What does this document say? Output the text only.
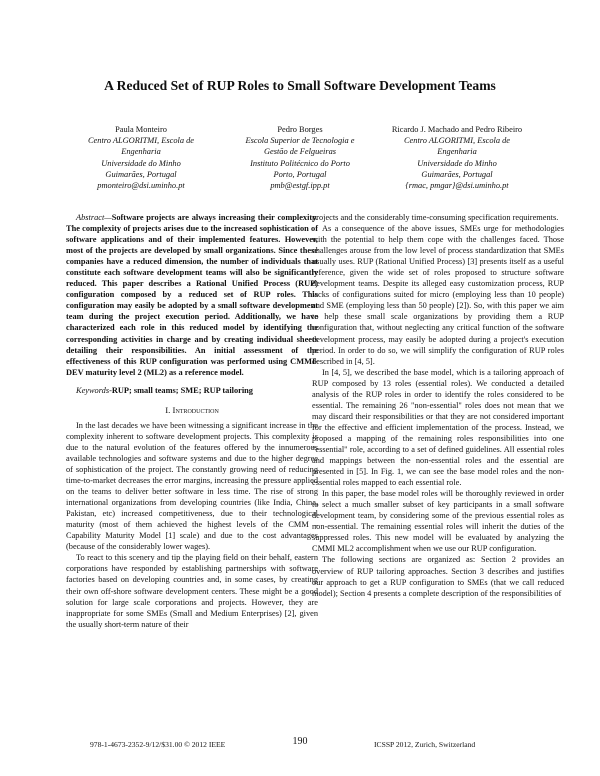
A Reduced Set of RUP Roles to Small Software Development Teams
Paula Monteiro
Centro ALGORITMI, Escola de
Engenharia
Universidade do Minho
Guimarães, Portugal
pmonteiro@dsi.uminho.pt
Pedro Borges
Escola Superior de Tecnologia e
Gestão de Felgueiras
Instituto Politécnico do Porto
Porto, Portugal
pmb@estgf.ipp.pt
Ricardo J. Machado and Pedro Ribeiro
Centro ALGORITMI, Escola de
Engenharia
Universidade do Minho
Guimarães, Portugal
{rmac, pmgar}@dsi.uminho.pt
Abstract—Software projects are always increasing their complexity. The complexity of projects arises due to the increased sophistication of software applications and of their implemented features. However, most of the projects are developed by small organizations. Since these companies have a reduced dimension, the number of individuals that constitute each software development teams will also be significantly reduced. This paper describes a Rational Unified Process (RUP) configuration composed by a reduced set of RUP roles. This configuration may easily be adopted by a small software development team during the project execution period. Additionally, we have characterized each role in this reduced model by identifying the corresponding activities in charge and by creating individual sheets detailing their responsibilities. An initial assessment of the effectiveness of this RUP configuration was performed using CMMI-DEV maturity level 2 (ML2) as a reference model.
Keywords-RUP; small teams; SME; RUP tailoring
I. Introduction
In the last decades we have been witnessing a significant increase in the complexity inherent to software development projects. This complexity is due to the natural evolution of the features offered by the innumerous available technologies and software systems and due to the higher degree of sophistication of the project. The constantly growing need of reducing time-to-market decreases the error margins, increasing the pressure applied on the teams to deliver better software in less time. The rise of strong international organizations from developing countries (like India, China, Pakistan, etc) increased competitiveness, due to their technological maturity (most of them achieved the highest levels of the CMM – Capability Maturity Model [1] scale) and due to the cost advantages (because of the considerably lower wages).
To react to this scenery and tip the playing field on their behalf, eastern corporations have responded by establishing partnerships with software factories based on developing countries and, in some cases, by creating their own off-shore software development centers. These might be a good solution for large scale corporations and projects. However, they are inappropriate for some SMEs (Small and Medium Enterprises) [2], given the usually short-term nature of their
projects and the considerably time-consuming specification requirements.
As a consequence of the above issues, SMEs urge for methodologies with the potential to help them cope with the challenges faced. Those challenges arouse from the low level of process standardization that SMEs usually uses. RUP (Rational Unified Process) [3] presents itself as a useful reference, given the wide set of roles proposed to structure software development teams. Despite its alleged easy customization process, RUP lacks of configurations suited for micro (employing less than 10 people) and SME (employing less than 50 people) [2]). So, with this paper we aim to help these small scale organizations by providing them a RUP configuration that, without neglecting any critical function of the software development process, may easily be adopted during a project's execution period. In order to do so, we will simplify the configuration of RUP roles described in [4, 5].
In [4, 5], we described the base model, which is a tailoring approach of RUP composed by 13 roles (essential roles). We conducted a detailed analysis of the RUP roles in order to identify the roles considered to be essential. The remaining 26 "non-essential" roles does not mean that we may discard their responsibilities or that they are not considered important for the effective and efficient implementation of the process. Instead, we proposed a mapping of the remaining roles responsibilities into one "essential" role, according to a set of defined guidelines. All essential roles and mappings between the non-essential roles and the essential are presented in [5]. In Fig. 1, we can see the base model roles and the non-essential roles mapped to each essential role.
In this paper, the base model roles will be thoroughly reviewed in order to select a much smaller subset of key participants in a small software development team, by considering some of the previous essential roles as non-essential. The remaining essential roles will inherit the duties of the suppressed roles. This new model will be evaluated by analyzing the CMMI ML2 accomplishment when we use our RUP configuration.
The following sections are organized as: Section 2 provides an overview of RUP tailoring approaches. Section 3 describes and justifies our approach to get a RUP configuration to SMEs (that we call reduced model); Section 4 presents a complete description of the responsibilities of
978-1-4673-2352-9/12/$31.00 © 2012 IEEE	190	ICSSP 2012, Zurich, Switzerland
